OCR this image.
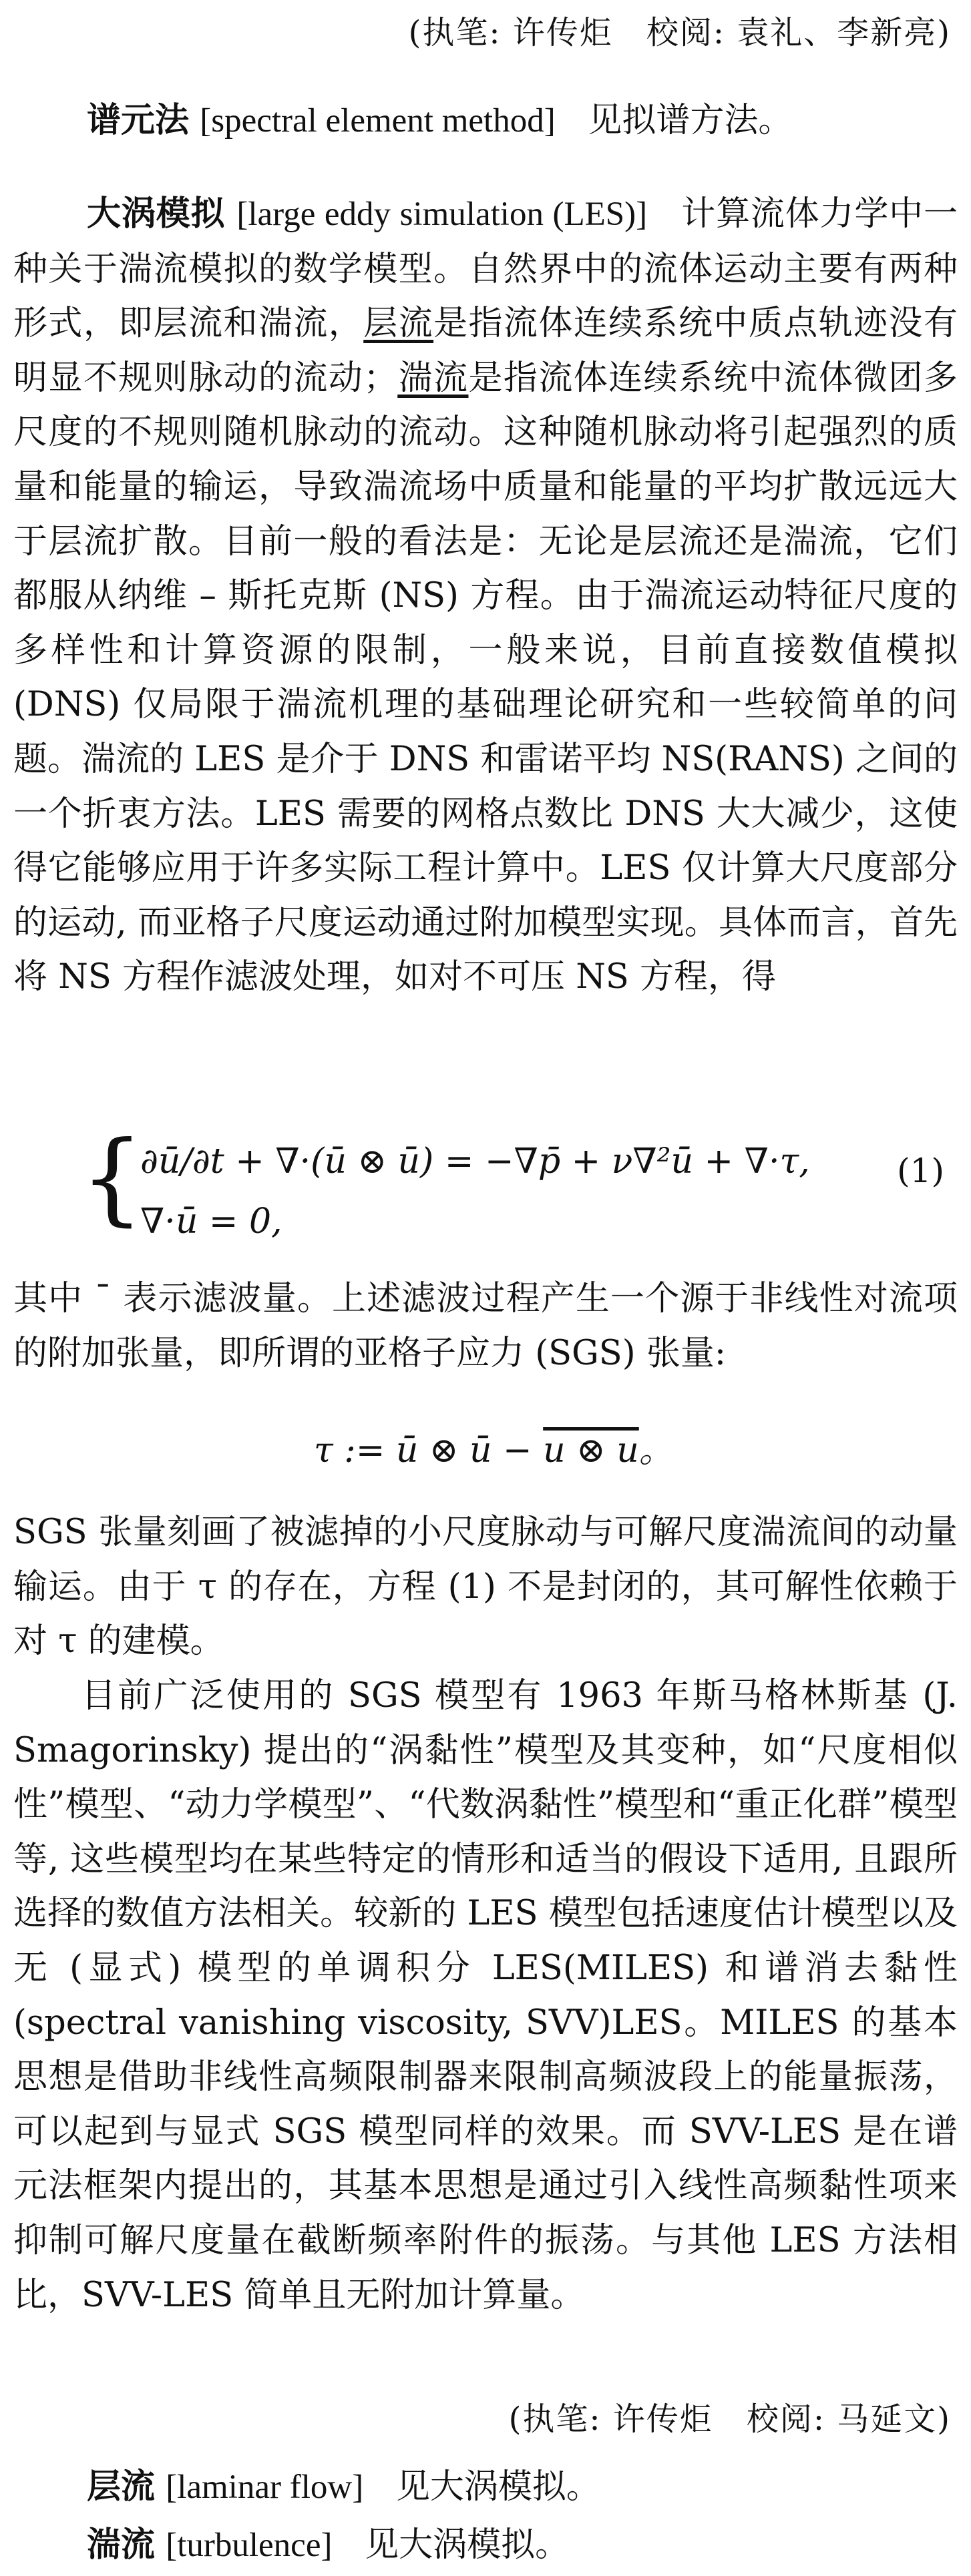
(执笔: 许传炬　校阅: 袁礼、李新亮)
谱元法 [spectral element method] 见拟谱方法。
大涡模拟 [large eddy simulation (LES)] 计算流体力学中一种关于湍流模拟的数学模型。自然界中的流体运动主要有两种形式，即层流和湍流，层流是指流体连续系统中质点轨迹没有明显不规则脉动的流动；湍流是指流体连续系统中流体微团多尺度的不规则随机脉动的流动。这种随机脉动将引起强烈的质量和能量的输运，导致湍流场中质量和能量的平均扩散远远大于层流扩散。目前一般的看法是：无论是层流还是湍流，它们都服从纳维 – 斯托克斯 (NS) 方程。由于湍流运动特征尺度的多样性和计算资源的限制，一般来说，目前直接数值模拟 (DNS) 仅局限于湍流机理的基础理论研究和一些较简单的问题。湍流的 LES 是介于 DNS 和雷诺平均 NS(RANS) 之间的一个折衷方法。LES 需要的网格点数比 DNS 大大减少，这使得它能够应用于许多实际工程计算中。LES 仅计算大尺度部分的运动, 而亚格子尺度运动通过附加模型实现。具体而言，首先将 NS 方程作滤波处理，如对不可压 NS 方程，得
{
∂ū/∂t + ∇·(ū ⊗ ū) = −∇p̄ + ν∇²ū + ∇·τ,
∇·ū = 0,
(1)
其中 ¯ 表示滤波量。上述滤波过程产生一个源于非线性对流项的附加张量，即所谓的亚格子应力 (SGS) 张量:
τ := ū ⊗ ū − u ⊗ u。
SGS 张量刻画了被滤掉的小尺度脉动与可解尺度湍流间的动量输运。由于 τ 的存在，方程 (1) 不是封闭的，其可解性依赖于对 τ 的建模。
目前广泛使用的 SGS 模型有 1963 年斯马格林斯基 (J. Smagorinsky) 提出的“涡黏性”模型及其变种，如“尺度相似性”模型、“动力学模型”、“代数涡黏性”模型和“重正化群”模型等, 这些模型均在某些特定的情形和适当的假设下适用, 且跟所选择的数值方法相关。较新的 LES 模型包括速度估计模型以及无 (显式) 模型的单调积分 LES(MILES) 和谱消去黏性 (spectral vanishing viscosity, SVV)LES。MILES 的基本思想是借助非线性高频限制器来限制高频波段上的能量振荡，可以起到与显式 SGS 模型同样的效果。而 SVV-LES 是在谱元法框架内提出的，其基本思想是通过引入线性高频黏性项来抑制可解尺度量在截断频率附件的振荡。与其他 LES 方法相比，SVV-LES 简单且无附加计算量。
(执笔: 许传炬　校阅: 马延文)
层流 [laminar flow] 见大涡模拟。
湍流 [turbulence] 见大涡模拟。
